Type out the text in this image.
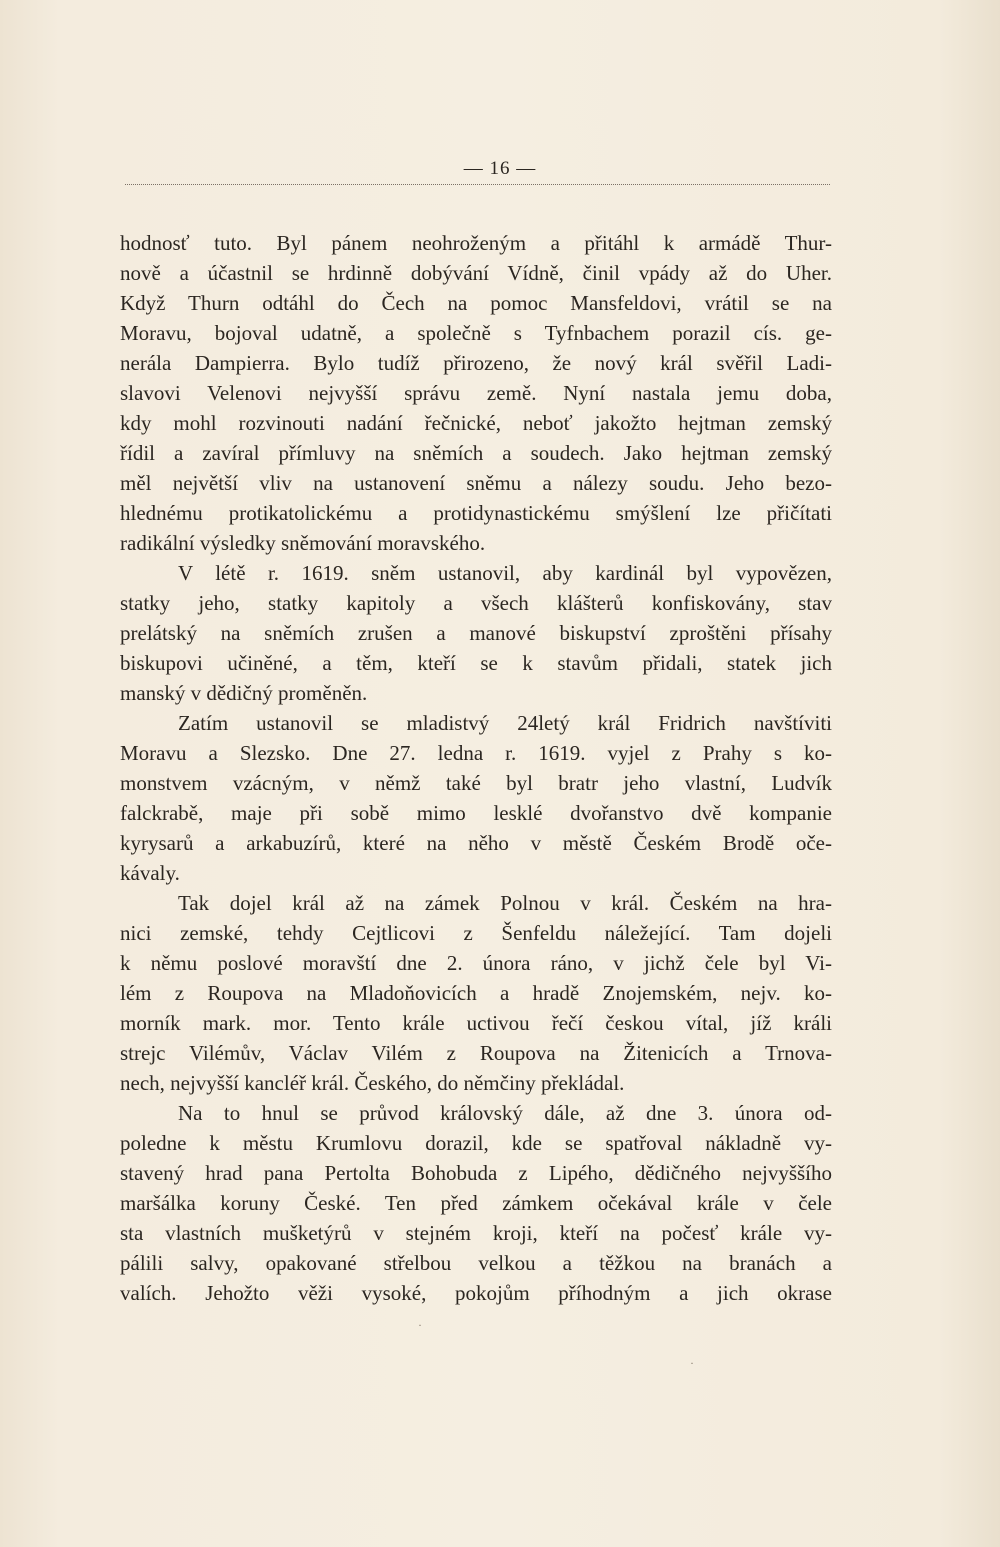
— 16 —
hodnosť tuto. Byl pánem neohroženým a přitáhl k armádě Thur-
nově a účastnil se hrdinně dobývání Vídně, činil vpády až do Uher.
Když Thurn odtáhl do Čech na pomoc Mansfeldovi, vrátil se na
Moravu, bojoval udatně, a společně s Tyfnbachem porazil cís. ge-
nerála Dampierra. Bylo tudíž přirozeno, že nový král svěřil Ladi-
slavovi Velenovi nejvyšší správu země. Nyní nastala jemu doba,
kdy mohl rozvinouti nadání řečnické, neboť jakožto hejtman zemský
řídil a zavíral přímluvy na sněmích a soudech. Jako hejtman zemský
měl největší vliv na ustanovení sněmu a nálezy soudu. Jeho bezo-
hlednému protikatolickému a protidynastickému smýšlení lze přičítati
radikální výsledky sněmování moravského.
V létě r. 1619. sněm ustanovil, aby kardinál byl vypovězen,
statky jeho, statky kapitoly a všech klášterů konfiskovány, stav
prelátský na sněmích zrušen a manové biskupství zproštěni přísahy
biskupovi učiněné, a těm, kteří se k stavům přidali, statek jich
manský v dědičný proměněn.
Zatím ustanovil se mladistvý 24letý král Fridrich navštíviti
Moravu a Slezsko. Dne 27. ledna r. 1619. vyjel z Prahy s ko-
monstvem vzácným, v němž také byl bratr jeho vlastní, Ludvík
falckrabě, maje při sobě mimo lesklé dvořanstvo dvě kompanie
kyrysarů a arkabuzírů, které na něho v městě Českém Brodě oče-
kávaly.
Tak dojel král až na zámek Polnou v král. Českém na hra-
nici zemské, tehdy Cejtlicovi z Šenfeldu náležející. Tam dojeli
k němu poslové moravští dne 2. února ráno, v jichž čele byl Vi-
lém z Roupova na Mladoňovicích a hradě Znojemském, nejv. ko-
morník mark. mor. Tento krále uctivou řečí českou vítal, jíž králi
strejc Vilémův, Václav Vilém z Roupova na Žitenicích a Trnova-
nech, nejvyšší kancléř král. Českého, do němčiny překládal.
Na to hnul se průvod královský dále, až dne 3. února od-
poledne k městu Krumlovu dorazil, kde se spatřoval nákladně vy-
stavený hrad pana Pertolta Bohobuda z Lipého, dědičného nejvyššího
maršálka koruny České. Ten před zámkem očekával krále v čele
sta vlastních mušketýrů v stejném kroji, kteří na počesť krále vy-
pálili salvy, opakované střelbou velkou a těžkou na branách a
valích. Jehožto věži vysoké, pokojům příhodným a jich okrase
·
·
